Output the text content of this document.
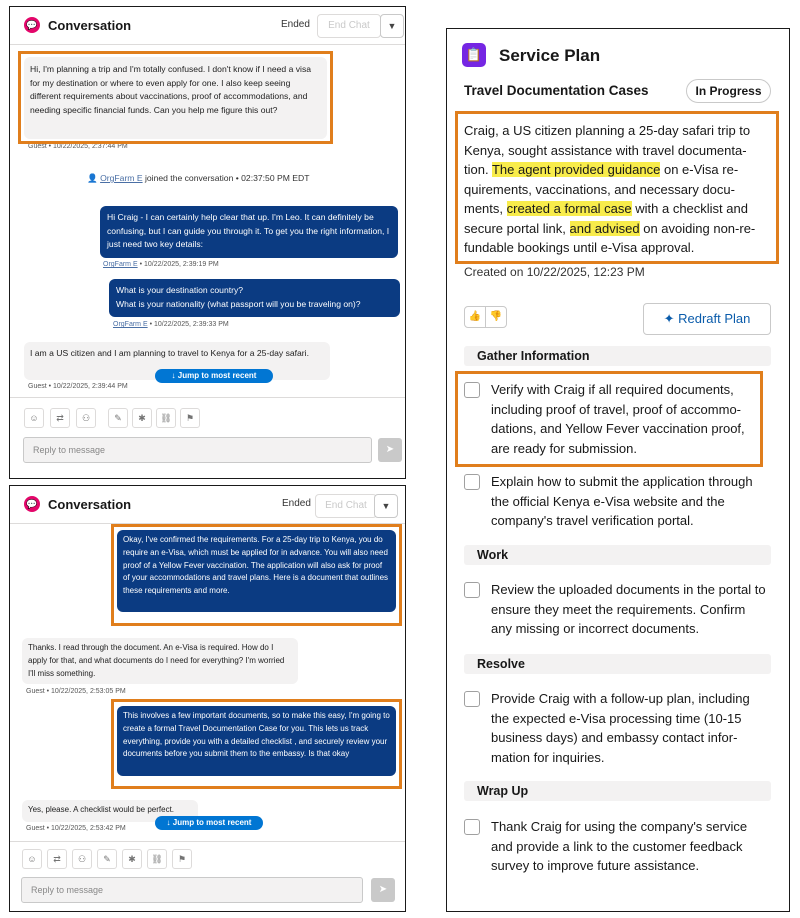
💬 Conversation	Ended	End Chat	▼
Hi, I'm planning a trip and I'm totally confused. I don't know if I need a visa for my destination or where to even apply for one. I also keep seeing different requirements about vaccinations, proof of accommodations, and needing specific financial funds. Can you help me figure this out?
Guest • 10/22/2025, 2:37:44 PM
👤 OrgFarm E joined the conversation • 02:37:50 PM EDT
Hi Craig - I can certainly help clear that up. I'm Leo. It can definitely be confusing, but I can guide you through it. To get you the right information, I just need two key details:
OrgFarm E • 10/22/2025, 2:39:19 PM
What is your destination country?
What is your nationality (what passport will you be traveling on)?
OrgFarm E • 10/22/2025, 2:39:33 PM
I am a US citizen and I am planning to travel to Kenya for a 25-day safari.
Guest • 10/22/2025, 2:39:44 PM
↓ Jump to most recent
☺	⇄	⚇	✎	✱	⛓	⚑
Reply to message	➤
💬 Conversation	Ended	End Chat	▼
Okay, I've confirmed the requirements. For a 25-day trip to Kenya, you do require an e-Visa, which must be applied for in advance. You will also need proof of a Yellow Fever vaccination. The application will also ask for proof of your accommodations and travel plans. Here is a document that outlines these requirements and more.
Thanks. I read through the document. An e-Visa is required. How do I apply for that, and what documents do I need for everything? I'm worried I'll miss something.
Guest • 10/22/2025, 2:53:05 PM
This involves a few important documents, so to make this easy, I'm going to create a formal Travel Documentation Case for you. This lets us track everything, provide you with a detailed checklist , and securely review your documents before you submit them to the embassy. Is that okay
Yes, please. A checklist would be perfect.
Guest • 10/22/2025, 2:53:42 PM
↓ Jump to most recent
☺	⇄	⚇	✎	✱	⛓	⚑
Reply to message	➤
📋 Service Plan
Travel Documentation Cases	In Progress
Craig, a US citizen planning a 25-day safari trip to Kenya, sought assistance with travel documenta-tion. The agent provided guidance on e-Visa re-quirements, vaccinations, and necessary docu-ments, created a formal case with a checklist and secure portal link, and advised on avoiding non-re-fundable bookings until e-Visa approval.
Created on 10/22/2025, 12:23 PM
👍 👎	✦ Redraft Plan
Gather Information
Verify with Craig if all required documents, including proof of travel, proof of accommo-dations, and Yellow Fever vaccination proof, are ready for submission.
Explain how to submit the application through the official Kenya e-Visa website and the company's travel verification portal.
Work
Review the uploaded documents in the portal to ensure they meet the requirements. Confirm any missing or incorrect documents.
Resolve
Provide Craig with a follow-up plan, including the expected e-Visa processing time (10-15 business days) and embassy contact infor-mation for inquiries.
Wrap Up
Thank Craig for using the company's service and provide a link to the customer feedback survey to improve future assistance.
